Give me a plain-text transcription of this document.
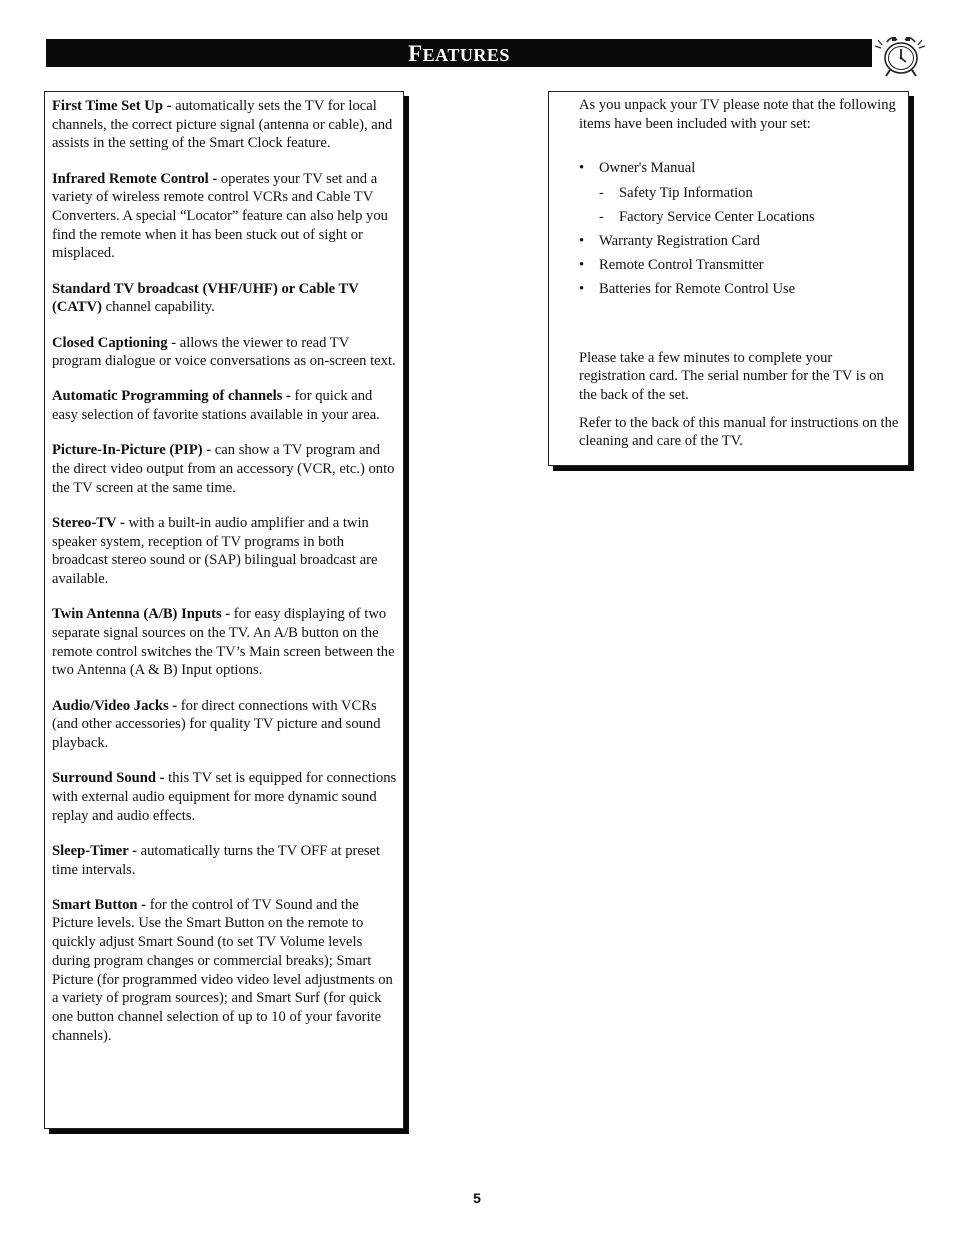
FEATURES

First Time Set Up - automatically sets the TV for local channels, the correct picture signal (antenna or cable), and assists in the setting of the Smart Clock feature.

Infrared Remote Control - operates your TV set and a variety of wireless remote control VCRs and Cable TV Converters. A special “Locator” feature can also help you find the remote when it has been stuck out of sight or misplaced.

Standard TV broadcast (VHF/UHF) or Cable TV (CATV) channel capability.

Closed Captioning - allows the viewer to read TV program dialogue or voice conversations as on-screen text.

Automatic Programming of channels - for quick and easy selection of favorite stations available in your area.

Picture-In-Picture (PIP) - can show a TV program and the direct video output from an accessory (VCR, etc.) onto the TV screen at the same time.

Stereo-TV - with a built-in audio amplifier and a twin speaker system, reception of TV programs in both broadcast stereo sound or (SAP) bilingual broadcast are available.

Twin Antenna (A/B) Inputs - for easy displaying of two separate signal sources on the TV. An A/B button on the remote control switches the TV’s Main screen between the two Antenna (A & B) Input options.

Audio/Video Jacks - for direct connections with VCRs (and other accessories) for quality TV picture and sound playback.

Surround Sound - this TV set is equipped for connections with external audio equipment for more dynamic sound replay and audio effects.

Sleep-Timer - automatically turns the TV OFF at preset time intervals.

Smart Button - for the control of TV Sound and the Picture levels. Use the Smart Button on the remote to quickly adjust Smart Sound (to set TV Volume levels during program changes or commercial breaks); Smart Picture (for programmed video video level adjustments on a variety of program sources); and Smart Surf (for quick one button channel selection of up to 10 of your favorite channels).

As you unpack your TV please note that the following items have been included with your set:

• Owner's Manual
- Safety Tip Information
- Factory Service Center Locations
• Warranty Registration Card
• Remote Control Transmitter
• Batteries for Remote Control Use

Please take a few minutes to complete your registration card. The serial number for the TV is on the back of the set.

Refer to the back of this manual for instructions on the cleaning and care of the TV.

5
